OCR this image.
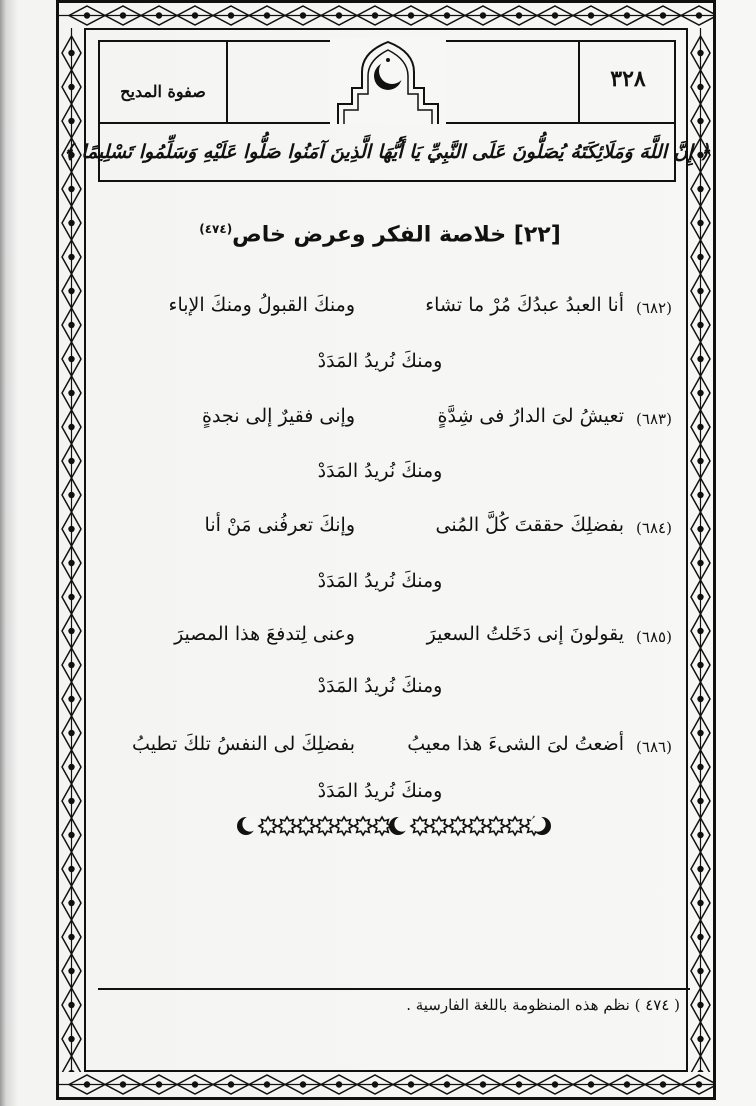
صفوة المديح	٣٢٨
﴿ إِنَّ اللَّهَ وَمَلَائِكَتَهُ يُصَلُّونَ عَلَى النَّبِيِّ يَا أَيُّهَا الَّذِينَ آمَنُوا صَلُّوا عَلَيْهِ وَسَلِّمُوا تَسْلِيمًا ﴾
[٢٢] خلاصة الفكر وعرض خاص$^{(٤٧٤)}$
(٦٨٢)
أنا العبدُ عبدُكَ مُرْ ما تشاء
ومنكَ القبولُ ومنكَ الإباء
ومنكَ نُريدُ المَدَدْ
(٦٨٣)
تعيشُ لىَ الدارُ فى شِدَّةٍ
وإنى فقيرٌ إلى نجدةٍ
ومنكَ نُريدُ المَدَدْ
(٦٨٤)
بفضلِكَ حققتَ كُلَّ المُنى
وإنكَ تعرفُنى مَنْ أنا
ومنكَ نُريدُ المَدَدْ
(٦٨٥)
يقولونَ إنى دَخَلتُ السعيرَ
وعنى لِتدفعَ هذا المصيرَ
ومنكَ نُريدُ المَدَدْ
(٦٨٦)
أضعتُ لىَ الشىءَ هذا معيبُ
بفضلِكَ لى النفسُ تلكَ تطيبُ
ومنكَ نُريدُ المَدَدْ
( ٤٧٤ ) نظم هذه المنظومة باللغة الفارسية .
